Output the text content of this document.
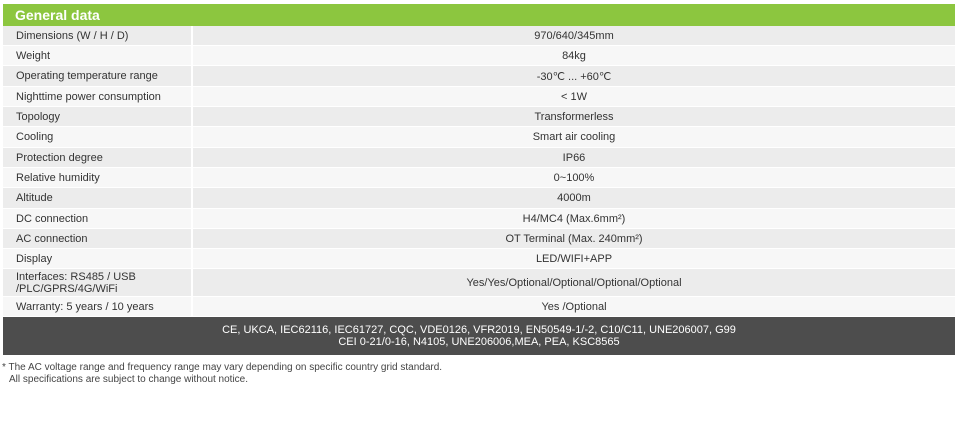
General data
Dimensions (W / H / D)	970/640/345mm
Weight	84kg
Operating temperature range	-30℃ ... +60℃
Nighttime power consumption	< 1W
Topology	Transformerless
Cooling	Smart air cooling
Protection degree	IP66
Relative humidity	0~100%
Altitude	4000m
DC connection	H4/MC4 (Max.6mm²)
AC connection	OT Terminal (Max. 240mm²)
Display	LED/WIFI+APP
Interfaces: RS485 / USB /PLC/GPRS/4G/WiFi	Yes/Yes/Optional/Optional/Optional/Optional
Warranty: 5 years / 10 years	Yes /Optional
CE, UKCA, IEC62116, IEC61727, CQC, VDE0126, VFR2019, EN50549-1/-2, C10/C11, UNE206007, G99
CEI 0-21/0-16, N4105, UNE206006,MEA, PEA, KSC8565
* The AC voltage range and frequency range may vary depending on specific country grid standard.
All specifications are subject to change without notice.
